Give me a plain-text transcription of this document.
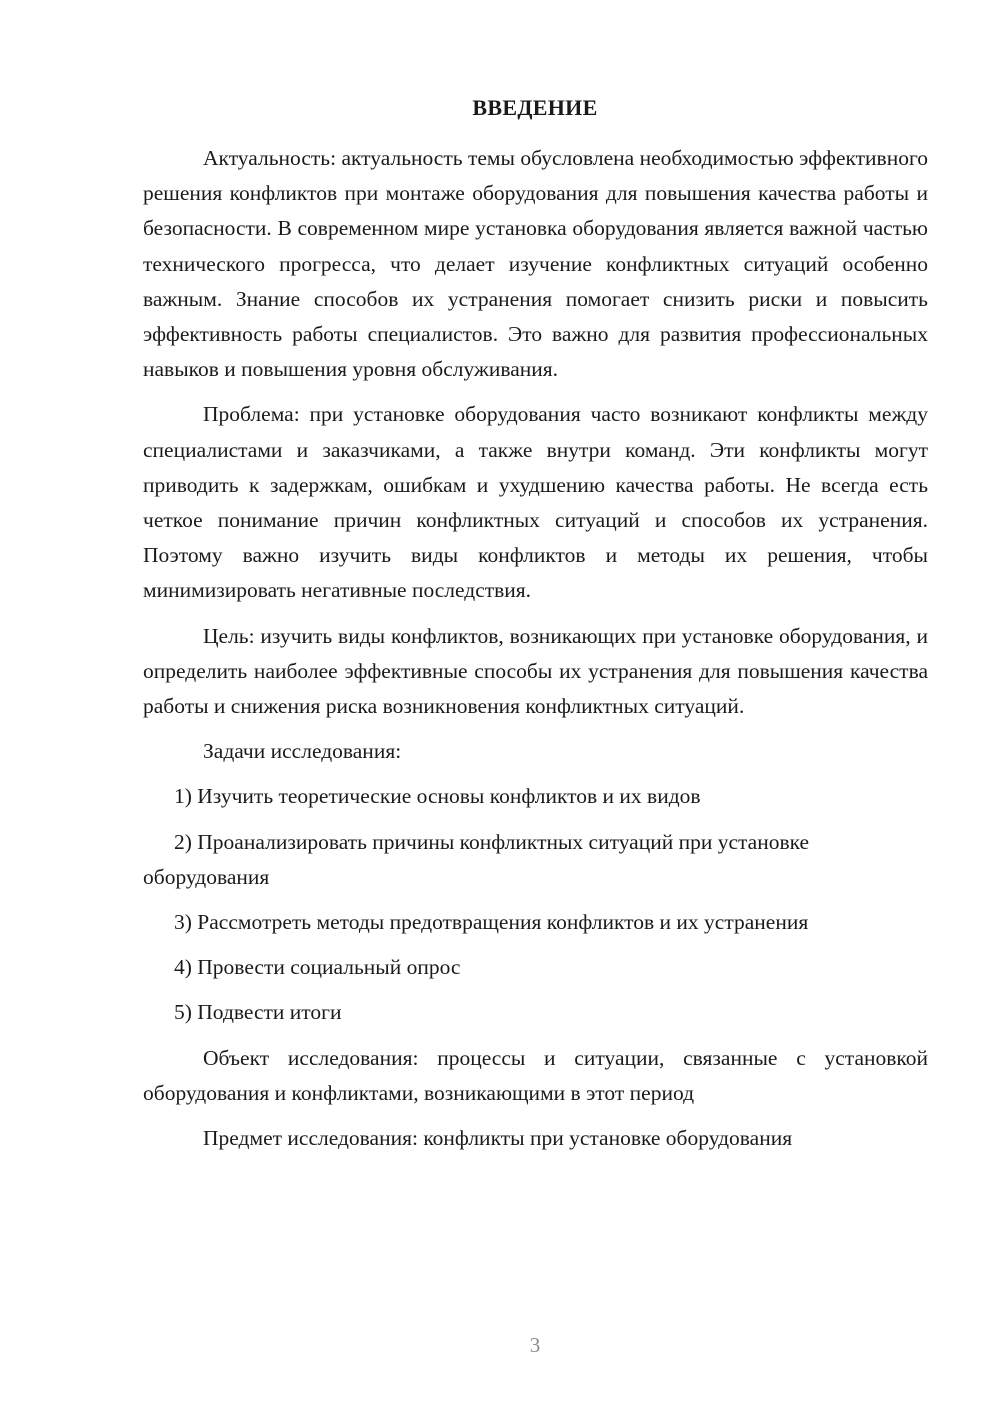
ВВЕДЕНИЕ

Актуальность: актуальность темы обусловлена необходимостью эффективного решения конфликтов при монтаже оборудования для повышения качества работы и безопасности. В современном мире установка оборудования является важной частью технического прогресса, что делает изучение конфликтных ситуаций особенно важным. Знание способов их устранения помогает снизить риски и повысить эффективность работы специалистов. Это важно для развития профессиональных навыков и повышения уровня обслуживания.

Проблема: при установке оборудования часто возникают конфликты между специалистами и заказчиками, а также внутри команд. Эти конфликты могут приводить к задержкам, ошибкам и ухудшению качества работы. Не всегда есть четкое понимание причин конфликтных ситуаций и способов их устранения. Поэтому важно изучить виды конфликтов и методы их решения, чтобы минимизировать негативные последствия.

Цель: изучить виды конфликтов, возникающих при установке оборудования, и определить наиболее эффективные способы их устранения для повышения качества работы и снижения риска возникновения конфликтных ситуаций.

Задачи исследования:

1) Изучить теоретические основы конфликтов и их видов

2) Проанализировать причины конфликтных ситуаций при установке оборудования

3) Рассмотреть методы предотвращения конфликтов и их устранения

4) Провести социальный опрос

5) Подвести итоги

Объект исследования: процессы и ситуации, связанные с установкой оборудования и конфликтами, возникающими в этот период

Предмет исследования: конфликты при установке оборудования

3
